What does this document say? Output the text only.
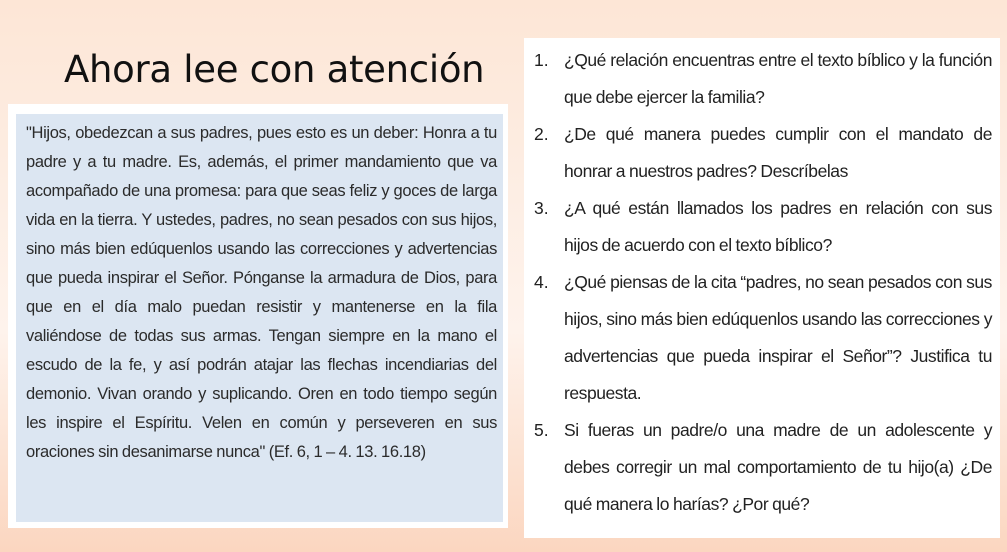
Ahora lee con atención

"Hijos, obedezcan a sus padres, pues esto es un deber: Honra a tu padre y a tu madre. Es, además, el primer mandamiento que va acompañado de una promesa: para que seas feliz y goces de larga vida en la tierra. Y ustedes, padres, no sean pesados con sus hijos, sino más bien edúquenlos usando las correcciones y advertencias que pueda inspirar el Señor. Pónganse la armadura de Dios, para que en el día malo puedan resistir y mantenerse en la fila valiéndose de todas sus armas. Tengan siempre en la mano el escudo de la fe, y así podrán atajar las flechas incendiarias del demonio. Vivan orando y suplicando. Oren en todo tiempo según les inspire el Espíritu. Velen en común y perseveren en sus oraciones sin desanimarse nunca" (Ef. 6, 1 – 4. 13. 16.18)

1. ¿Qué relación encuentras entre el texto bíblico y la función que debe ejercer la familia?
2. ¿De qué manera puedes cumplir con el mandato de honrar a nuestros padres? Descríbelas
3. ¿A qué están llamados los padres en relación con sus hijos de acuerdo con el texto bíblico?
4. ¿Qué piensas de la cita “padres, no sean pesados con sus hijos, sino más bien edúquenlos usando las correcciones y advertencias que pueda inspirar el Señor”? Justifica tu respuesta.
5. Si fueras un padre/o una madre de un adolescente y debes corregir un mal comportamiento de tu hijo(a) ¿De qué manera lo harías? ¿Por qué?
